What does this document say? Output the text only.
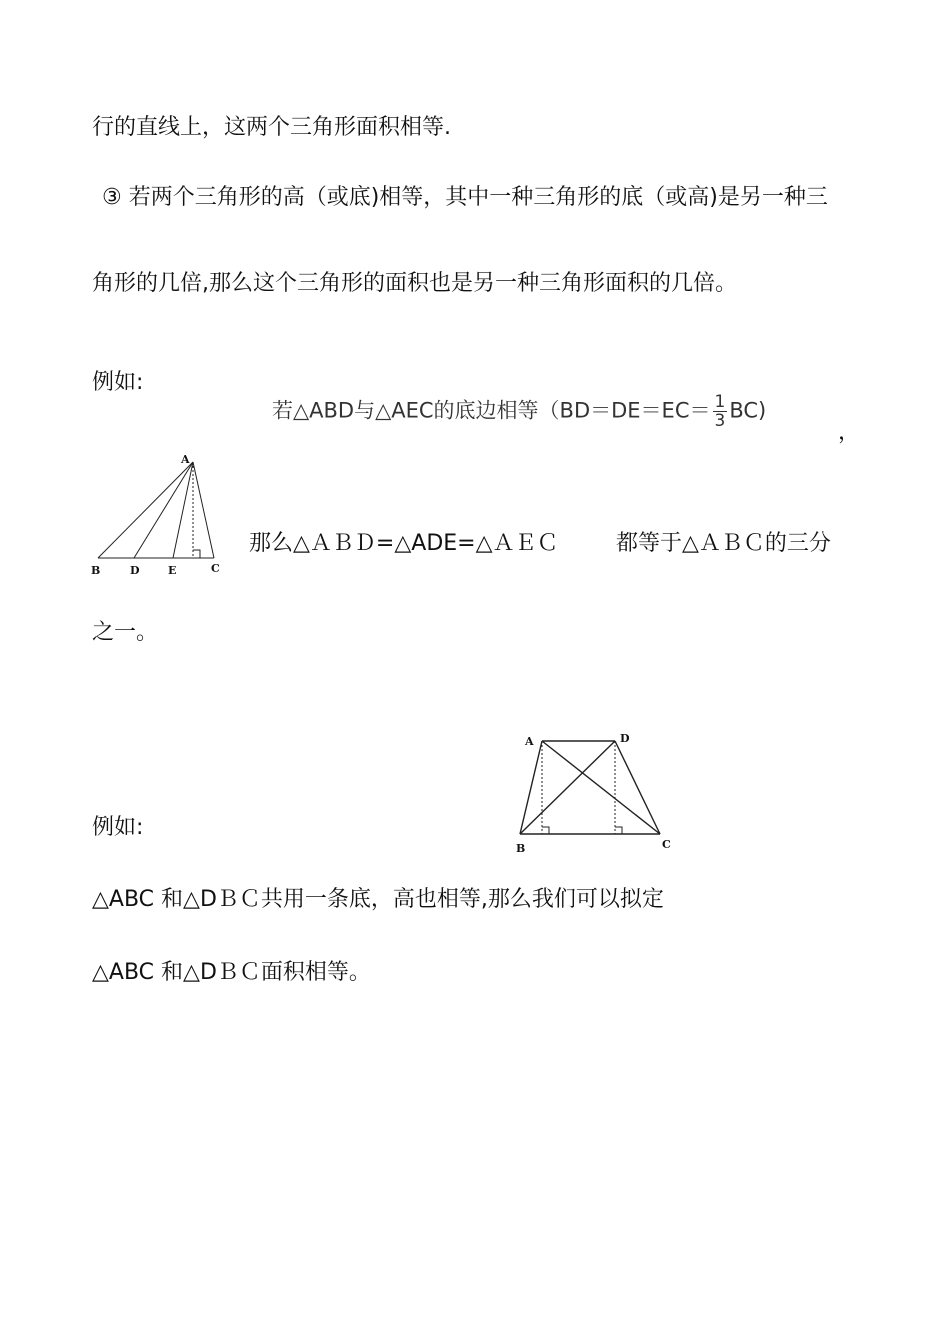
行的直线上，这两个三角形面积相等.
③ 若两个三角形的高（或底)相等，其中一种三角形的底（或高)是另一种三
角形的几倍,那么这个三角形的面积也是另一种三角形面积的几倍。
例如:
若△ABD与△AEC的底边相等$(BD=DE=EC= \frac{1}{3} BC)$
，
A
B	D	E	C
那么△ＡＢＤ=△ADE=△ＡＥＣ	都等于△ＡＢＣ的三分
之一。
A	D
B	C
例如:
△ABC 和△DＢＣ共用一条底，高也相等,那么我们可以拟定
△ABC 和△DＢＣ面积相等。
